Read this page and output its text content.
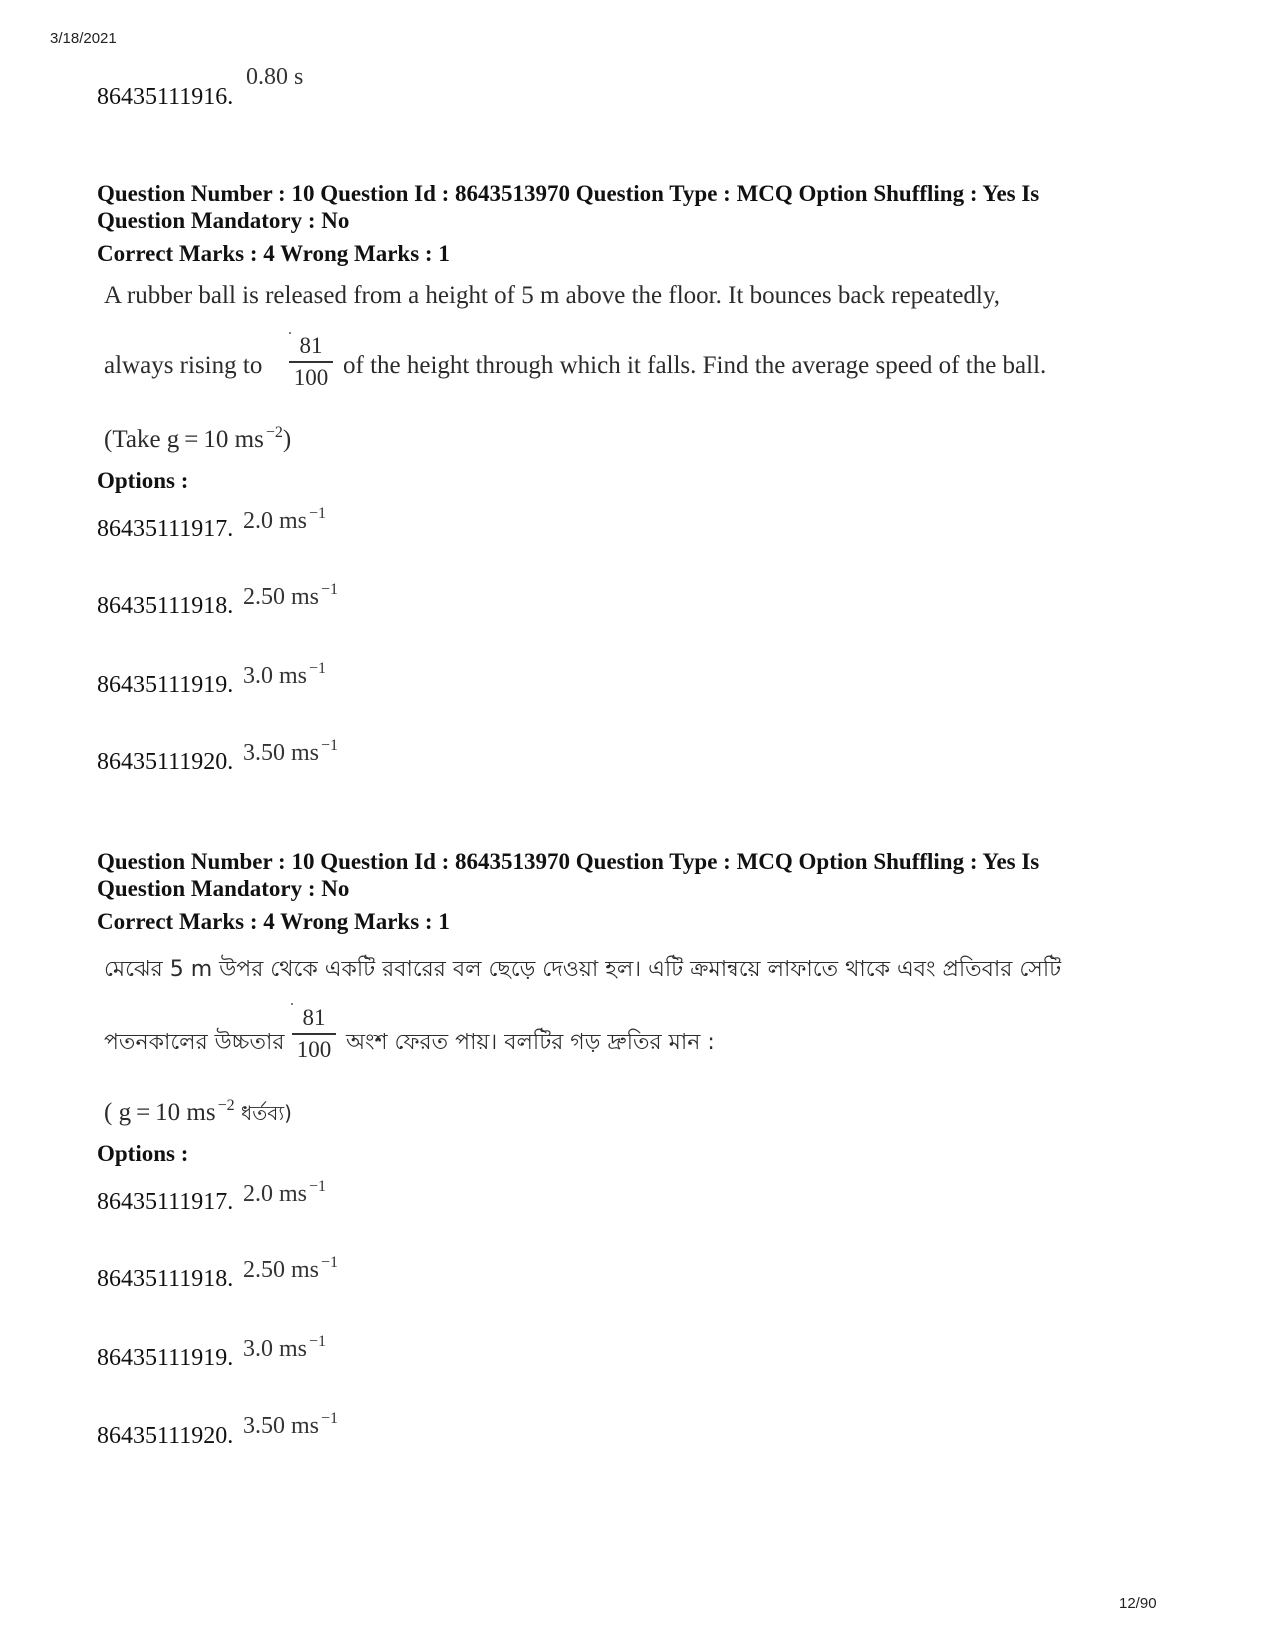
3/18/2021
86435111916.
0.80 s
Question Number : 10 Question Id : 8643513970 Question Type : MCQ Option Shuffling : Yes Is
Question Mandatory : No
Correct Marks : 4 Wrong Marks : 1
A rubber ball is released from a height of 5 m above the floor. It bounces back repeatedly,
always rising to
81
100 of the height through which it falls. Find the average speed of the ball.
(Take g = 10 ms $^{-2}$)
Options :
86435111917. 2.0 ms $^{-1}$
86435111918. 2.50 ms $^{-1}$
86435111919. 3.0 ms $^{-1}$
86435111920. 3.50 ms $^{-1}$
Question Number : 10 Question Id : 8643513970 Question Type : MCQ Option Shuffling : Yes Is
Question Mandatory : No
Correct Marks : 4 Wrong Marks : 1
মেঝের 5 m উপর থেকে একটি রবারের বল ছেড়ে দেওয়া হল। এটি ক্রমান্বয়ে লাফাতে থাকে এবং প্রতিবার সেটি
পতনকালের উচ্চতার
81
100 অংশ ফেরত পায়। বলটির গড় দ্রুতির মান :
( g = 10 ms $^{-2}$ ধর্তব্য)
Options :
86435111917. 2.0 ms $^{-1}$
86435111918. 2.50 ms $^{-1}$
86435111919. 3.0 ms $^{-1}$
86435111920. 3.50 ms $^{-1}$
12/90
